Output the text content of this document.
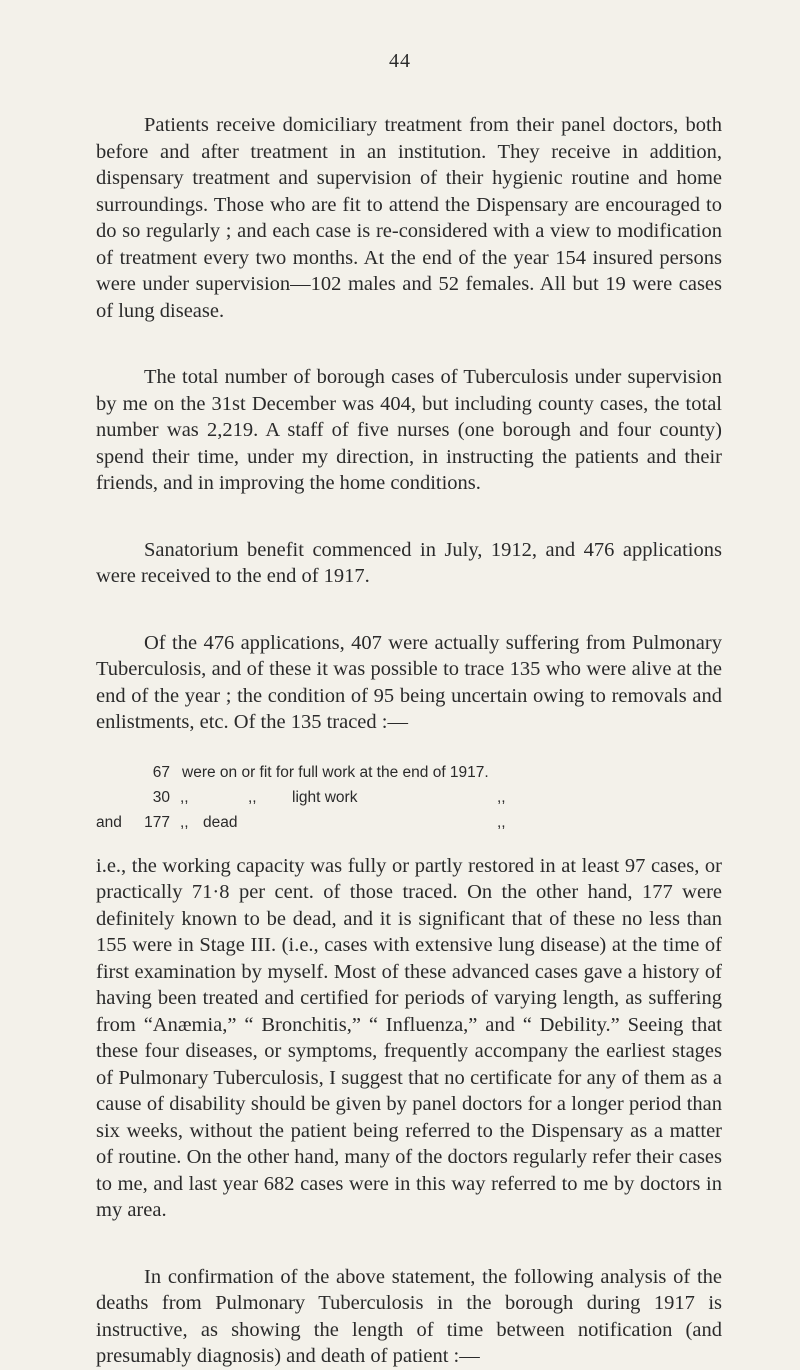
44

Patients receive domiciliary treatment from their panel doctors, both before and after treatment in an institution. They receive in addition, dispensary treatment and supervision of their hygienic routine and home surroundings. Those who are fit to attend the Dispensary are encouraged to do so regularly ; and each case is re-considered with a view to modification of treatment every two months. At the end of the year 154 insured persons were under supervision—102 males and 52 females. All but 19 were cases of lung disease.

The total number of borough cases of Tuberculosis under supervision by me on the 31st December was 404, but including county cases, the total number was 2,219. A staff of five nurses (one borough and four county) spend their time, under my direction, in instructing the patients and their friends, and in improving the home conditions.

Sanatorium benefit commenced in July, 1912, and 476 applications were received to the end of 1917.

Of the 476 applications, 407 were actually suffering from Pulmonary Tuberculosis, and of these it was possible to trace 135 who were alive at the end of the year ; the condition of 95 being uncertain owing to removals and enlistments, etc. Of the 135 traced :—

67 were on or fit for full work at the end of 1917.
30 ,,	,, light work	,,
and	177 ,, dead	,,

i.e., the working capacity was fully or partly restored in at least 97 cases, or practically 71·8 per cent. of those traced. On the other hand, 177 were definitely known to be dead, and it is significant that of these no less than 155 were in Stage III. (i.e., cases with extensive lung disease) at the time of first examination by myself. Most of these advanced cases gave a history of having been treated and certified for periods of varying length, as suffering from “Anæmia,” “ Bronchitis,” “ Influenza,” and “ Debility.” Seeing that these four diseases, or symptoms, frequently accompany the earliest stages of Pulmonary Tuberculosis, I suggest that no certificate for any of them as a cause of disability should be given by panel doctors for a longer period than six weeks, without the patient being referred to the Dispensary as a matter of routine. On the other hand, many of the doctors regularly refer their cases to me, and last year 682 cases were in this way referred to me by doctors in my area.

In confirmation of the above statement, the following analysis of the deaths from Pulmonary Tuberculosis in the borough during 1917 is instructive, as showing the length of time between notification (and presumably diagnosis) and death of patient :—
